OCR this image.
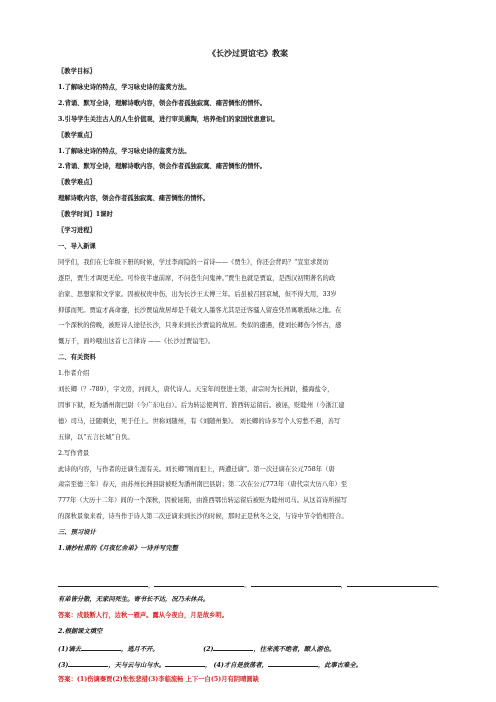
《长沙过贾谊宅》教案
〖教学目标〗
1.了解咏史诗的特点，学习咏史诗的鉴赏方法。
2.背诵、默写全诗，理解诗歌内容，领会作者孤独寂寞、痛苦惆怅的情怀。
3.引导学生关注古人的人生价值观，进行审美熏陶，培养他们的家国忧患意识。
〖教学重点〗
1.了解咏史诗的特点，学习咏史诗的鉴赏方法。
2.背诵、默写全诗，理解诗歌内容，领会作者孤独寂寞、痛苦惆怅的情怀。
〖教学难点〗
理解诗歌内容，领会作者孤独寂寞、痛苦惆怅的情怀。
〖教学时间〗1课时
〖学习进程〗
一、导入新课
同学们，我们在七年级下册的时候，学过李商隐的一首诗——《贾生》，你还会背吗？“宣室求贤访
逐臣，贾生才调更无伦。可怜夜半虚前席，不问苍生问鬼神。”贾生也就是贾谊，是西汉初期著名的政
治家、思想家和文学家。因被权贵中伤，出为长沙王太傅三年。后虽被召回京城，但不得大用，33岁
抑郁而死。贾谊才高命蹇，长沙贾谊故居却是千载文人墨客尤其是迁客骚人留连凭吊寓歌抵咏之地。在
一个深秋的傍晚，被贬诗人途径长沙，只身来到长沙贾谊的故居。类似的遭遇，使刘长卿伤今怀古，感
慨万千，面吟哦出这首七言律诗 ——《长沙过贾谊宅》。
二、有关资料
1.作者介绍
刘长卿（？-789），字文房，河间人，唐代诗人。天宝年间登进士第，肃宗时为长洲尉，摄海盐令，
因事下狱，贬为潘州南巴尉（今广东电白）。后为转运使判官、淮西转运留后。被诬，贬睦州（今浙江建
德）司马，迁随刺史，死于任上。世称刘随州，有《刘随州集》。 刘长卿的诗多写个人穷愁不遇，善写
五律，以“五言长城”自负。
2.写作背景
此诗的内容，与作者的迁谪生涯有关。刘长卿“刚而犯上，两遭迁谪”。第一次迁谪在公元758年（唐
肃宗至德三年）春天，由苏州长洲县尉被贬为潘州南巴县尉；第二次在公元773年（唐代宗大历八年）至
777年（大历十二年）间的一个深秋，因被诬陷，由淮西鄂岳转运留后被贬为睦州司马。从这首诗所描写
的深秋景象来看，诗当作于诗人第二次迁谪来到长沙的时候，那时正是秋冬之交，与诗中节令恰相符合。
三、预习设计
1.请抄杜甫的《月夜忆舍弟》一诗并写完整
，	。	，	。
有弟皆分散，无家问死生。寄书长不达，况乃未休兵。
答案：戍鼓断人行，边秋一雁声。露从今夜白，月是故乡明。
2.根据课文填空
(1)谪去	，逃月不开。	(2)	，往来流不绝者，瞭人游也。
(3)	，天与云与山与水。	， (4)才自是放荡者，	，此事古难全。
答案：(1)伤谪秦贾(2)怅怅悲措(3)李临流畅 上下一白(5)月有阴晴圆缺
